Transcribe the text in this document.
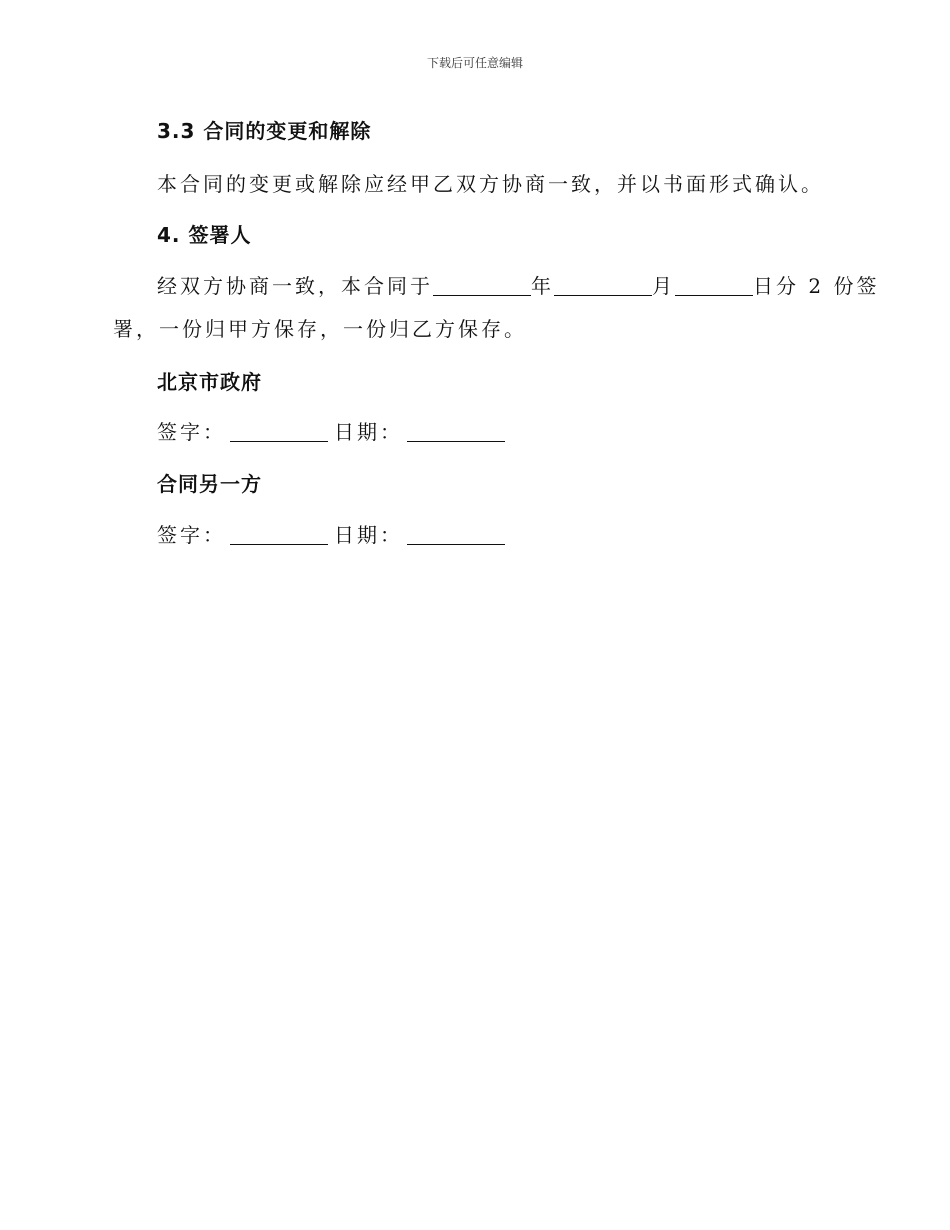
下载后可任意编辑
3.3 合同的变更和解除
本合同的变更或解除应经甲乙双方协商一致，并以书面形式确认。
4. 签署人
经双方协商一致，本合同于	年	月	日分 2 份签
署，一份归甲方保存，一份归乙方保存。
北京市政府
签字：	日期：
合同另一方
签字：	日期：
